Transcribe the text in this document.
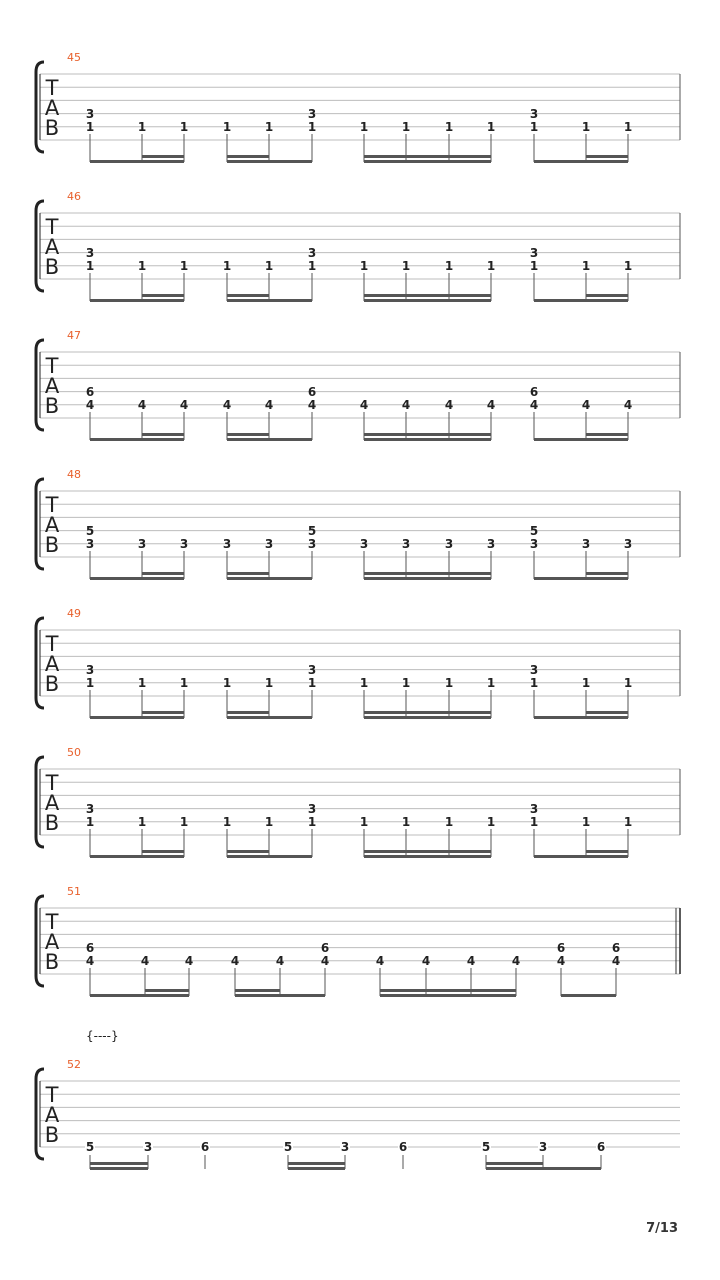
45
T
A
B
3
1	1	1	1	1
3
1	1	1	1	1
3
1	1	1
46
T
A
B
3
1	1	1	1	1
3
1	1	1	1	1
3
1	1	1
47
T
A
B
6
4	4	4	4	4
6
4	4	4	4	4
6
4	4	4
48
T
A
B
5
3	3	3	3	3
5
3	3	3	3	3
5
3	3	3
49
T
A
B
3
1	1	1	1	1
3
1	1	1	1	1
3
1	1	1
50
T
A
B
3
1	1	1	1	1
3
1	1	1	1	1
3
1	1	1
51
T
A
B
6
4	4	4	4	4
6
4	4	4	4	4
6
4
6
4
52
T
A
B
{----}
5	3	6	5	3	6	5	3	6
7/13
